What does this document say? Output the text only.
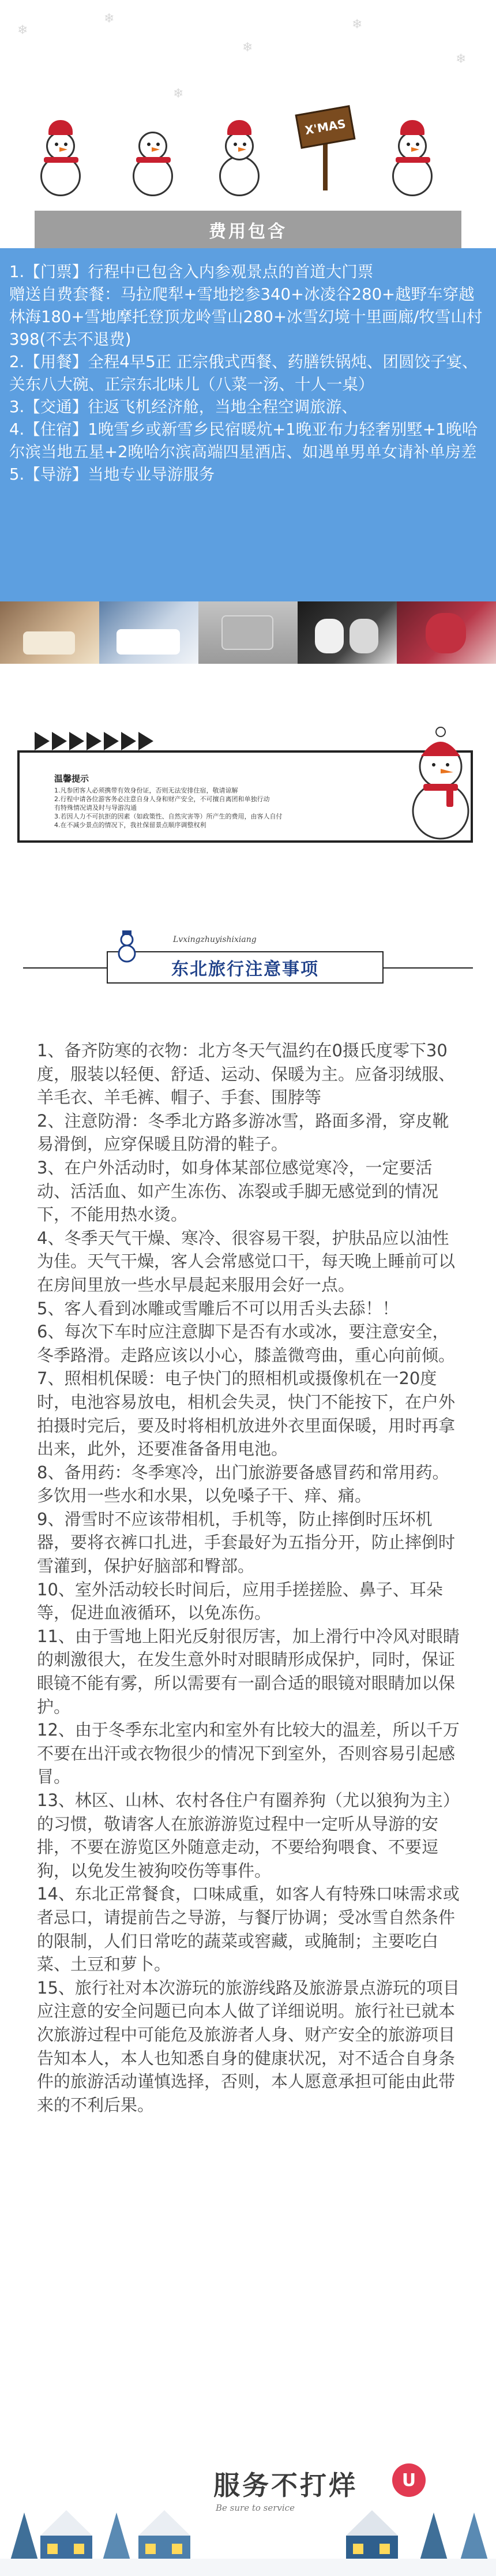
❄
❄
❄
❄
❄
❄
X'MAS
费用包含

1.【门票】行程中已包含入内参观景点的首道大门票

赠送自费套餐：马拉爬犁+雪地挖参340+冰凌谷280+越野车穿越林海180+雪地摩托登顶龙岭雪山280+冰雪幻境十里画廊/牧雪山村398(不去不退费)

2.【用餐】全程4早5正 正宗俄式西餐、药膳铁锅炖、团圆饺子宴、关东八大碗、正宗东北味儿（八菜一汤、十人一桌）

3.【交通】往返飞机经济舱，当地全程空调旅游、

4.【住宿】1晚雪乡或新雪乡民宿暖炕+1晚亚布力轻奢别墅+1晚哈尔滨当地五星+2晚哈尔滨高端四星酒店、如遇单男单女请补单房差

5.【导游】当地专业导游服务

温馨提示
1.凡参团客人必须携带有效身份证，否则无法安排住宿，敬请谅解
2.行程中请各位游客务必注意自身人身和财产安全，不可擅自离团和单独行动
有特殊情况请及时与导游沟通
3.若因人力不可抗拒的因素（如政策性、自然灾害等）所产生的费用，由客人自付
4.在不减少景点的情况下，我社保留景点顺序调整权利
Lvxingzhuyishixiang
东北旅行注意事项

1、备齐防寒的衣物：北方冬天气温约在0摄氏度零下30度，服装以轻便、舒适、运动、保暖为主。应备羽绒服、羊毛衣、羊毛裤、帽子、手套、围脖等

2、注意防滑：冬季北方路多游冰雪，路面多滑，穿皮靴易滑倒，应穿保暖且防滑的鞋子。

3、在户外活动时，如身体某部位感觉寒冷，一定要活动、活活血、如产生冻伤、冻裂或手脚无感觉到的情况下，不能用热水烫。

4、冬季天气干燥、寒冷、很容易干裂，护肤品应以油性为佳。天气干燥，客人会常感觉口干，每天晚上睡前可以在房间里放一些水早晨起来服用会好一点。

5、客人看到冰雕或雪雕后不可以用舌头去舔！！

6、每次下车时应注意脚下是否有水或冰，要注意安全，冬季路滑。走路应该以小心，膝盖微弯曲，重心向前倾。

7、照相机保暖：电子快门的照相机或摄像机在一20度时，电池容易放电，相机会失灵，快门不能按下，在户外拍摄时完后，要及时将相机放进外衣里面保暖，用时再拿出来，此外，还要准备备用电池。

8、备用药：冬季寒冷，出门旅游要备感冒药和常用药。多饮用一些水和水果，以免嗓子干、痒、痛。

9、滑雪时不应该带相机，手机等，防止摔倒时压坏机器，要将衣裤口扎进，手套最好为五指分开，防止摔倒时雪灌到，保护好脑部和臀部。

10、室外活动较长时间后，应用手搓搓脸、鼻子、耳朵等，促进血液循环，以免冻伤。

11、由于雪地上阳光反射很厉害，加上滑行中冷风对眼睛的刺激很大，在发生意外时对眼睛形成保护，同时，保证眼镜不能有雾，所以需要有一副合适的眼镜对眼睛加以保护。

12、由于冬季东北室内和室外有比较大的温差，所以千万不要在出汗或衣物很少的情况下到室外，否则容易引起感冒。

13、林区、山林、农村各住户有圈养狗（尤以狼狗为主）的习惯，敬请客人在旅游游览过程中一定听从导游的安排，不要在游览区外随意走动，不要给狗喂食、不要逗狗，以免发生被狗咬伤等事件。

14、东北正常餐食，口味咸重，如客人有特殊口味需求或者忌口，请提前告之导游，与餐厅协调；受冰雪自然条件的限制，人们日常吃的蔬菜或窖藏，或腌制；主要吃白菜、土豆和萝卜。

15、旅行社对本次游玩的旅游线路及旅游景点游玩的项目应注意的安全问题已向本人做了详细说明。旅行社已就本次旅游过程中可能危及旅游者人身、财产安全的旅游项目告知本人，本人也知悉自身的健康状况，对不适合自身条件的旅游活动谨慎选择，否则，本人愿意承担可能由此带来的不利后果。

服务不打烊
Be sure to service
U
